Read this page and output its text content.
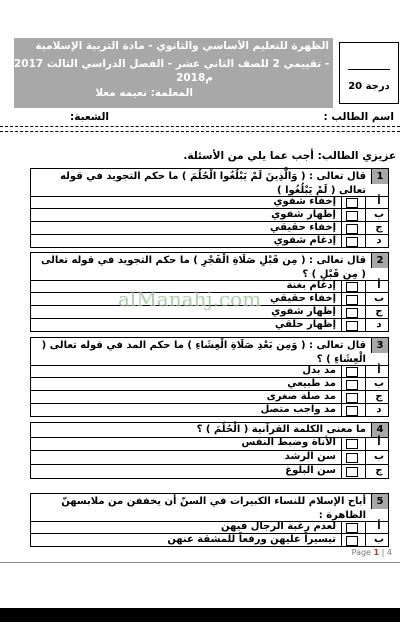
الظهرة للتعليم الأساسي والثانوي - مادة التربية الإسلامية
تقييمي 2 للصف الثاني عشر - الفصل الدراسي الثالث 2017 -
2018م
المعلمة: نعيمه معلا
درجة 20
اسم الطالب :
الشعبة:
عزيزي الطالب: أجب عما يلي من الأسئلة.
1
قال تعالى : ( وَالَّذِينَ لَمْ يَبْلُغُوا الْحُلُمَ ) ما حكم التجويد في قوله تعالى ( لَمْ يَبْلُغُوا )
أ
إخفاء شفوي
ب
إظهار شفوي
ج
إخفاء حقيقي
د
إدغام شفوي
2
قال تعالى : ( مِن قَبْلِ صَلَاةِ الْفَجْرِ ) ما حكم التجويد في قوله تعالى ( مِن قَبْلِ ) ؟
أ
إدغام بغنة
ب
إخفاء حقيقي
ج
إظهار شفوي
د
إظهار حلقي
3
قال تعالى : ( وَمِن بَعْدِ صَلَاةِ الْعِشَاءِ ) ما حكم المد في قوله تعالى ( الْعِشَاءِ ) ؟
أ
مد بدل
ب
مد طبيعي
ج
مد صلة صغرى
د
مد واجب متصل
4
ما معنى الكلمة القرآنية ( الْحُلُمَ ) ؟
أ
الأناة وضبط النفس
ب
سن الرشد
ج
سن البلوغ
5
أباح الإسلام للنساء الكبيرات في السنّ أن يخففن من ملابسهنّ الظاهرة :
أ
لعدم رغبة الرجال فيهن
ب
تيسيراً عليهن ورفعاً للمشقة عنهن
alManahj.com
Page 1 | 4
